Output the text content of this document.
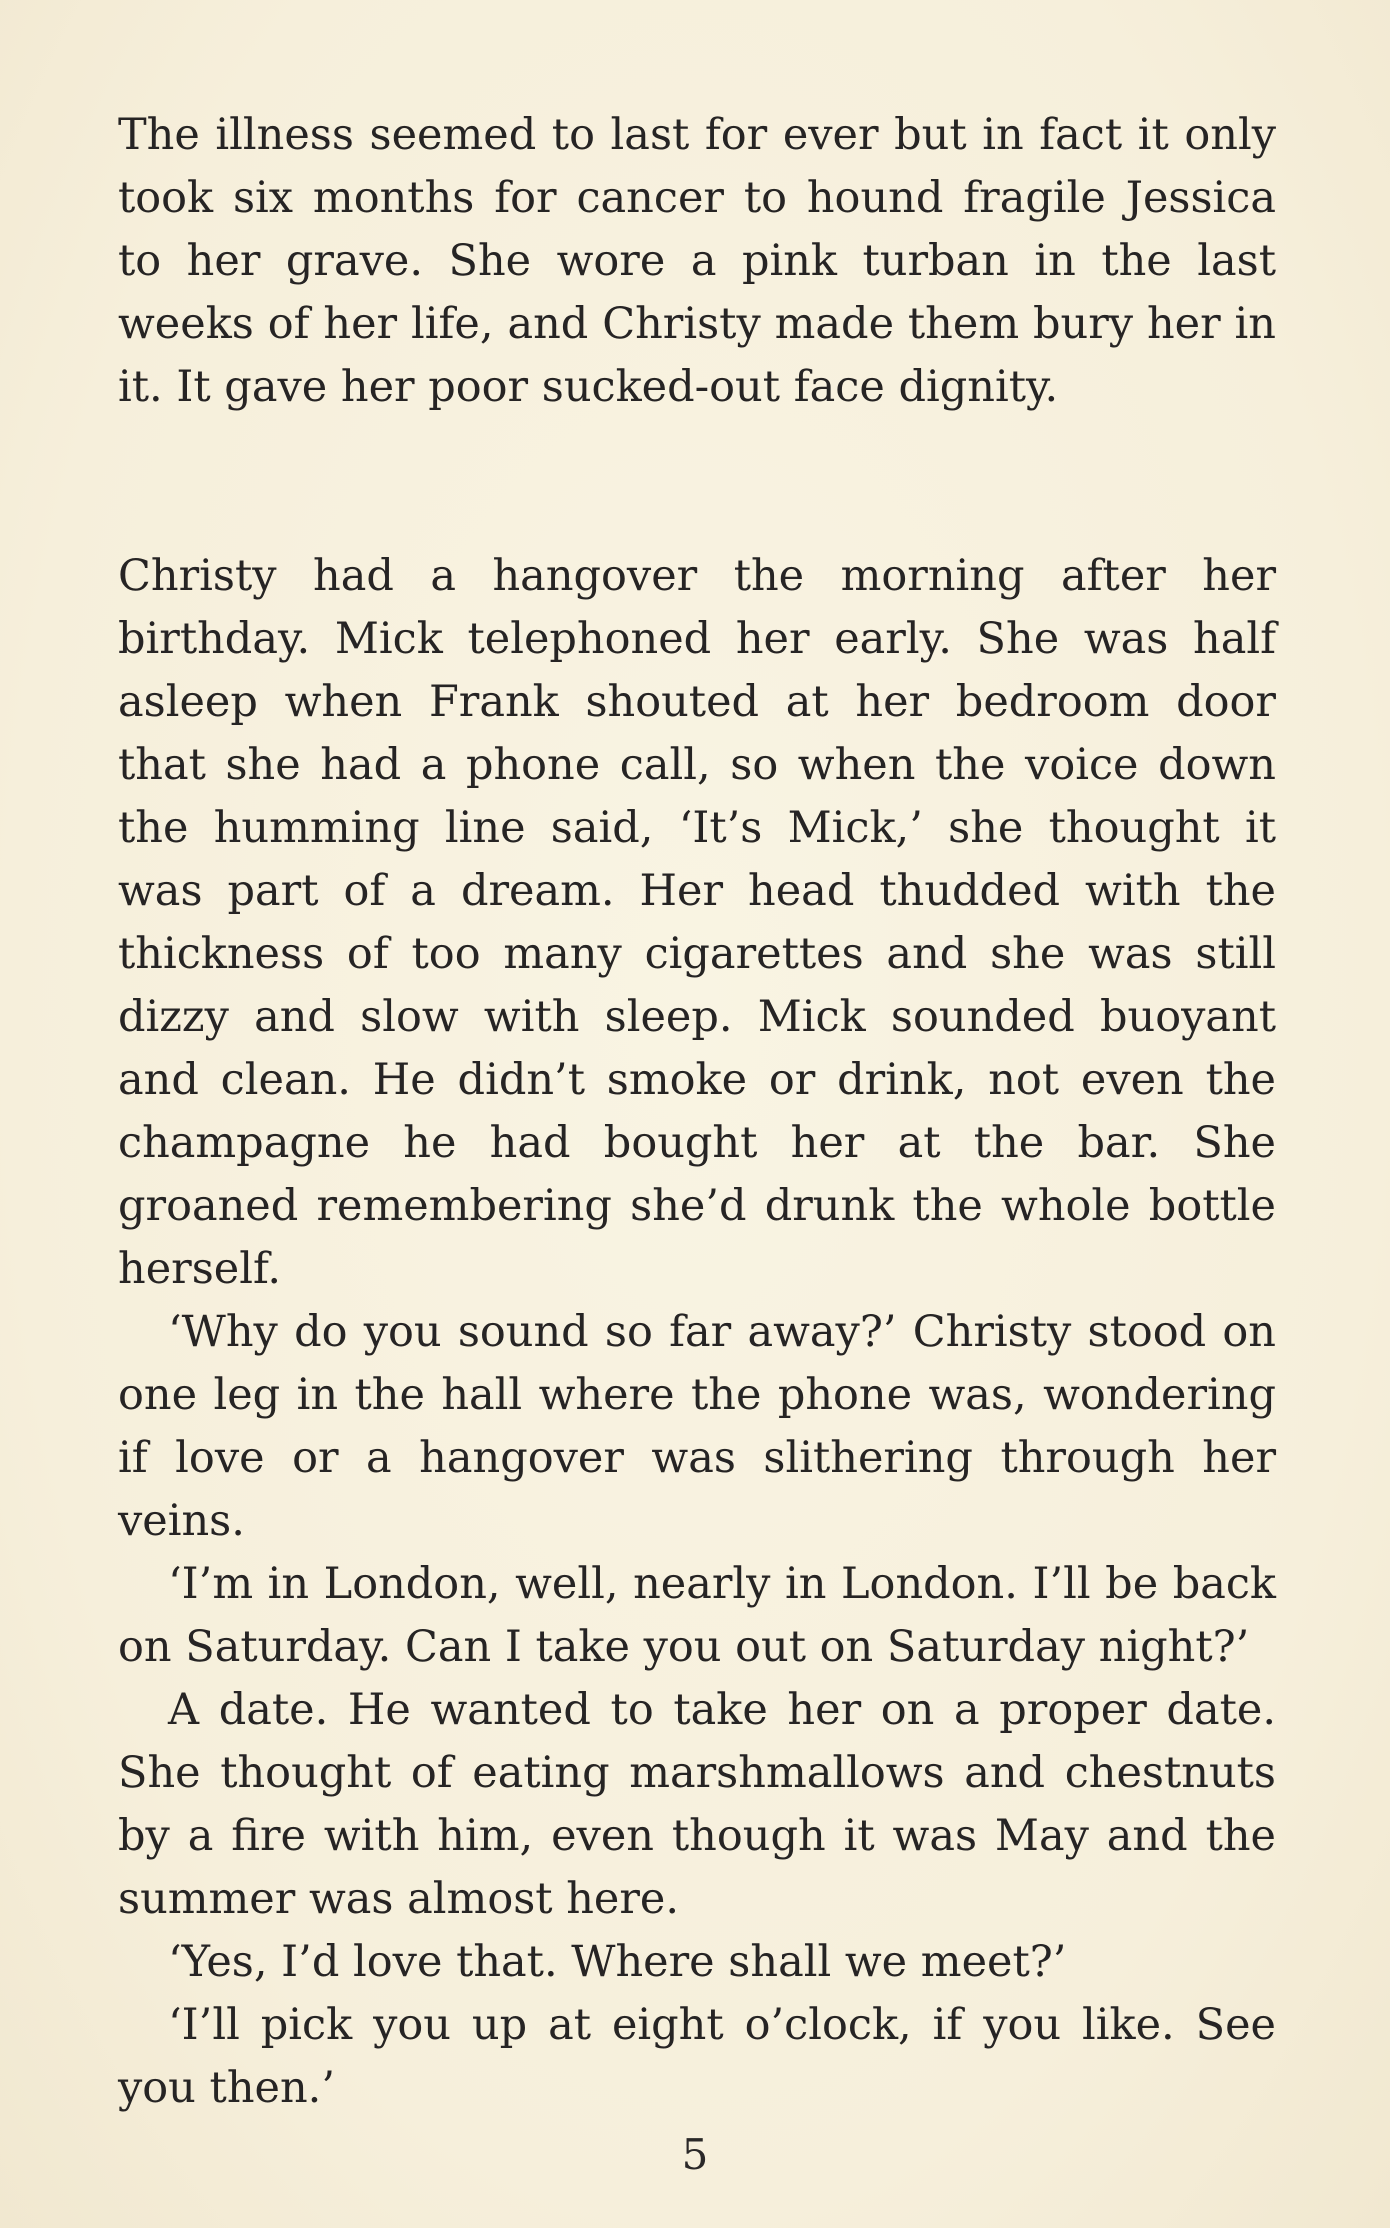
The illness seemed to last for ever but in fact it only took six months for cancer to hound fragile Jessica to her grave. She wore a pink turban in the last weeks of her life, and Christy made them bury her in it. It gave her poor sucked-out face dignity.

Christy had a hangover the morning after her birthday. Mick telephoned her early. She was half asleep when Frank shouted at her bedroom door that she had a phone call, so when the voice down the humming line said, ‘It’s Mick,’ she thought it was part of a dream. Her head thudded with the thickness of too many cigarettes and she was still dizzy and slow with sleep. Mick sounded buoyant and clean. He didn’t smoke or drink, not even the champagne he had bought her at the bar. She groaned remembering she’d drunk the whole bottle herself.

‘Why do you sound so far away?’ Christy stood on one leg in the hall where the phone was, wondering if love or a hangover was slithering through her veins.

‘I’m in London, well, nearly in London. I’ll be back on Saturday. Can I take you out on Saturday night?’

A date. He wanted to take her on a proper date. She thought of eating marshmallows and chestnuts by a fire with him, even though it was May and the summer was almost here.

‘Yes, I’d love that. Where shall we meet?’

‘I’ll pick you up at eight o’clock, if you like. See you then.’

5
